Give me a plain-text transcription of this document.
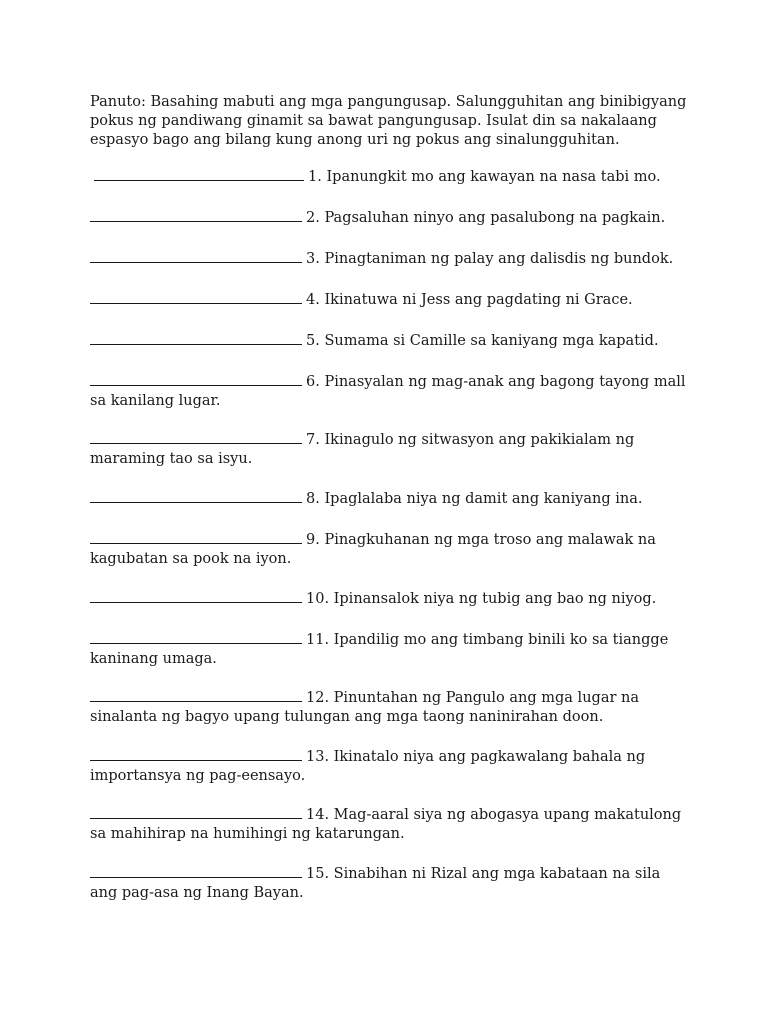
Panuto: Basahing mabuti ang mga pangungusap. Salungguhitan ang binibigyang pokus ng pandiwang ginamit sa bawat pangungusap. Isulat din sa nakalaang espasyo bago ang bilang kung anong uri ng pokus ang sinalungguhitan.

1. Ipanungkit mo ang kawayan na nasa tabi mo.
2. Pagsaluhan ninyo ang pasalubong na pagkain.
3. Pinagtaniman ng palay ang dalisdis ng bundok.
4. Ikinatuwa ni Jess ang pagdating ni Grace.
5. Sumama si Camille sa kaniyang mga kapatid.
6. Pinasyalan ng mag-anak ang bagong tayong mall sa kanilang lugar.
7. Ikinagulo ng sitwasyon ang pakikialam ng maraming tao sa isyu.
8. Ipaglalaba niya ng damit ang kaniyang ina.
9. Pinagkuhanan ng mga troso ang malawak na kagubatan sa pook na iyon.
10. Ipinansalok niya ng tubig ang bao ng niyog.
11. Ipandilig mo ang timbang binili ko sa tiangge kaninang umaga.
12. Pinuntahan ng Pangulo ang mga lugar na sinalanta ng bagyo upang tulungan ang mga taong naninirahan doon.
13. Ikinatalo niya ang pagkawalang bahala ng importansya ng pag-eensayo.
14. Mag-aaral siya ng abogasya upang makatulong sa mahihirap na humihingi ng katarungan.
15. Sinabihan ni Rizal ang mga kabataan na sila ang pag-asa ng Inang Bayan.
